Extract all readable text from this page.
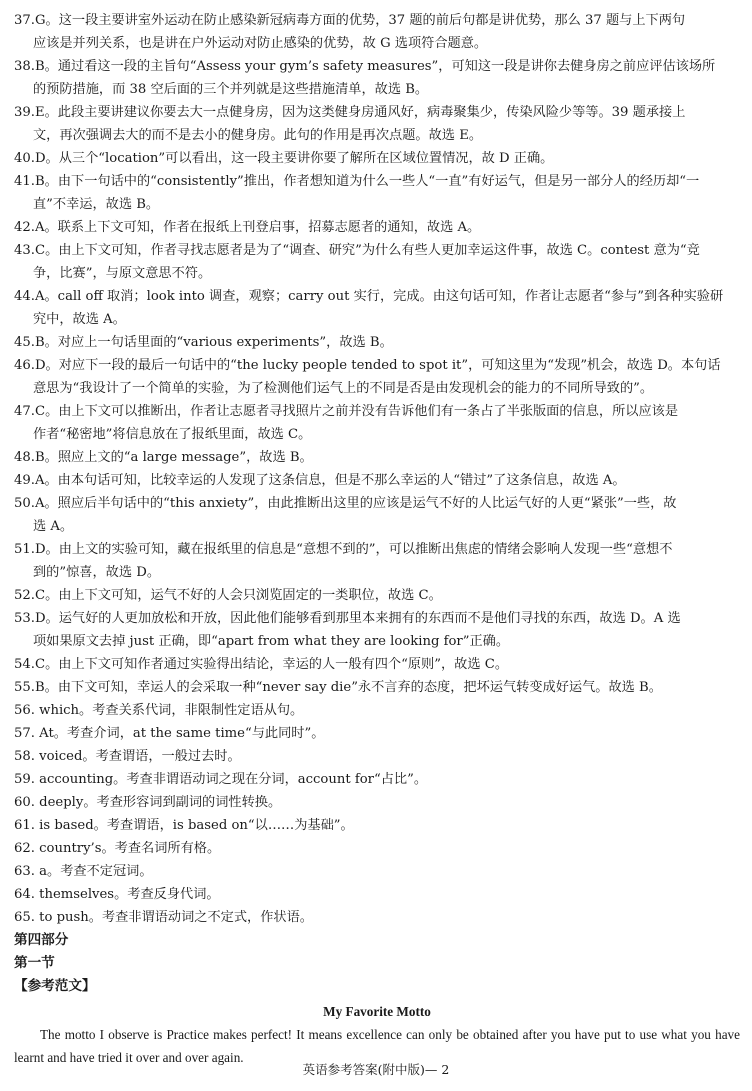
37.G。这一段主要讲室外运动在防止感染新冠病毒方面的优势，37 题的前后句都是讲优势，那么 37 题与上下两句
应该是并列关系，也是讲在户外运动对防止感染的优势，故 G 选项符合题意。

38.B。通过看这一段的主旨句“Assess your gym’s safety measures”，可知这一段是讲你去健身房之前应评估该场所
的预防措施，而 38 空后面的三个并列就是这些措施清单，故选 B。

39.E。此段主要讲建议你要去大一点健身房，因为这类健身房通风好，病毒聚集少，传染风险少等等。39 题承接上
文，再次强调去大的而不是去小的健身房。此句的作用是再次点题。故选 E。

40.D。从三个“location”可以看出，这一段主要讲你要了解所在区域位置情况，故 D 正确。

41.B。由下一句话中的“consistently”推出，作者想知道为什么一些人“一直”有好运气，但是另一部分人的经历却“一
直”不幸运，故选 B。

42.A。联系上下文可知，作者在报纸上刊登启事，招募志愿者的通知，故选 A。

43.C。由上下文可知，作者寻找志愿者是为了“调查、研究”为什么有些人更加幸运这件事，故选 C。contest 意为“竞
争，比赛”，与原文意思不符。

44.A。call off 取消；look into 调查，观察；carry out 实行，完成。由这句话可知，作者让志愿者“参与”到各种实验研
究中，故选 A。

45.B。对应上一句话里面的“various experiments”，故选 B。

46.D。对应下一段的最后一句话中的“the lucky people tended to spot it”，可知这里为“发现”机会，故选 D。本句话
意思为“我设计了一个简单的实验，为了检测他们运气上的不同是否是由发现机会的能力的不同所导致的”。

47.C。由上下文可以推断出，作者让志愿者寻找照片之前并没有告诉他们有一条占了半张版面的信息，所以应该是
作者“秘密地”将信息放在了报纸里面，故选 C。

48.B。照应上文的“a large message”，故选 B。

49.A。由本句话可知，比较幸运的人发现了这条信息，但是不那么幸运的人“错过”了这条信息，故选 A。

50.A。照应后半句话中的“this anxiety”，由此推断出这里的应该是运气不好的人比运气好的人更“紧张”一些，故
选 A。

51.D。由上文的实验可知，藏在报纸里的信息是“意想不到的”，可以推断出焦虑的情绪会影响人发现一些“意想不
到的”惊喜，故选 D。

52.C。由上下文可知，运气不好的人会只浏览固定的一类职位，故选 C。

53.D。运气好的人更加放松和开放，因此他们能够看到那里本来拥有的东西而不是他们寻找的东西，故选 D。A 选
项如果原文去掉 just 正确，即“apart from what they are looking for”正确。

54.C。由上下文可知作者通过实验得出结论，幸运的人一般有四个“原则”，故选 C。

55.B。由下文可知，幸运人的会采取一种“never say die”永不言弃的态度，把坏运气转变成好运气。故选 B。

56. which。考查关系代词，非限制性定语从句。

57. At。考查介词，at the same time“与此同时”。

58. voiced。考查谓语，一般过去时。

59. accounting。考查非谓语动词之现在分词，account for“占比”。

60. deeply。考查形容词到副词的词性转换。

61. is based。考查谓语，is based on“以……为基础”。

62. country’s。考查名词所有格。

63. a。考查不定冠词。

64. themselves。考查反身代词。

65. to push。考查非谓语动词之不定式，作状语。

第四部分

第一节

【参考范文】

My Favorite Motto

The motto I observe is Practice makes perfect! It means excellence can only be obtained after you have put to use what you have learnt and have tried it over and over again.

英语参考答案(附中版)— 2
